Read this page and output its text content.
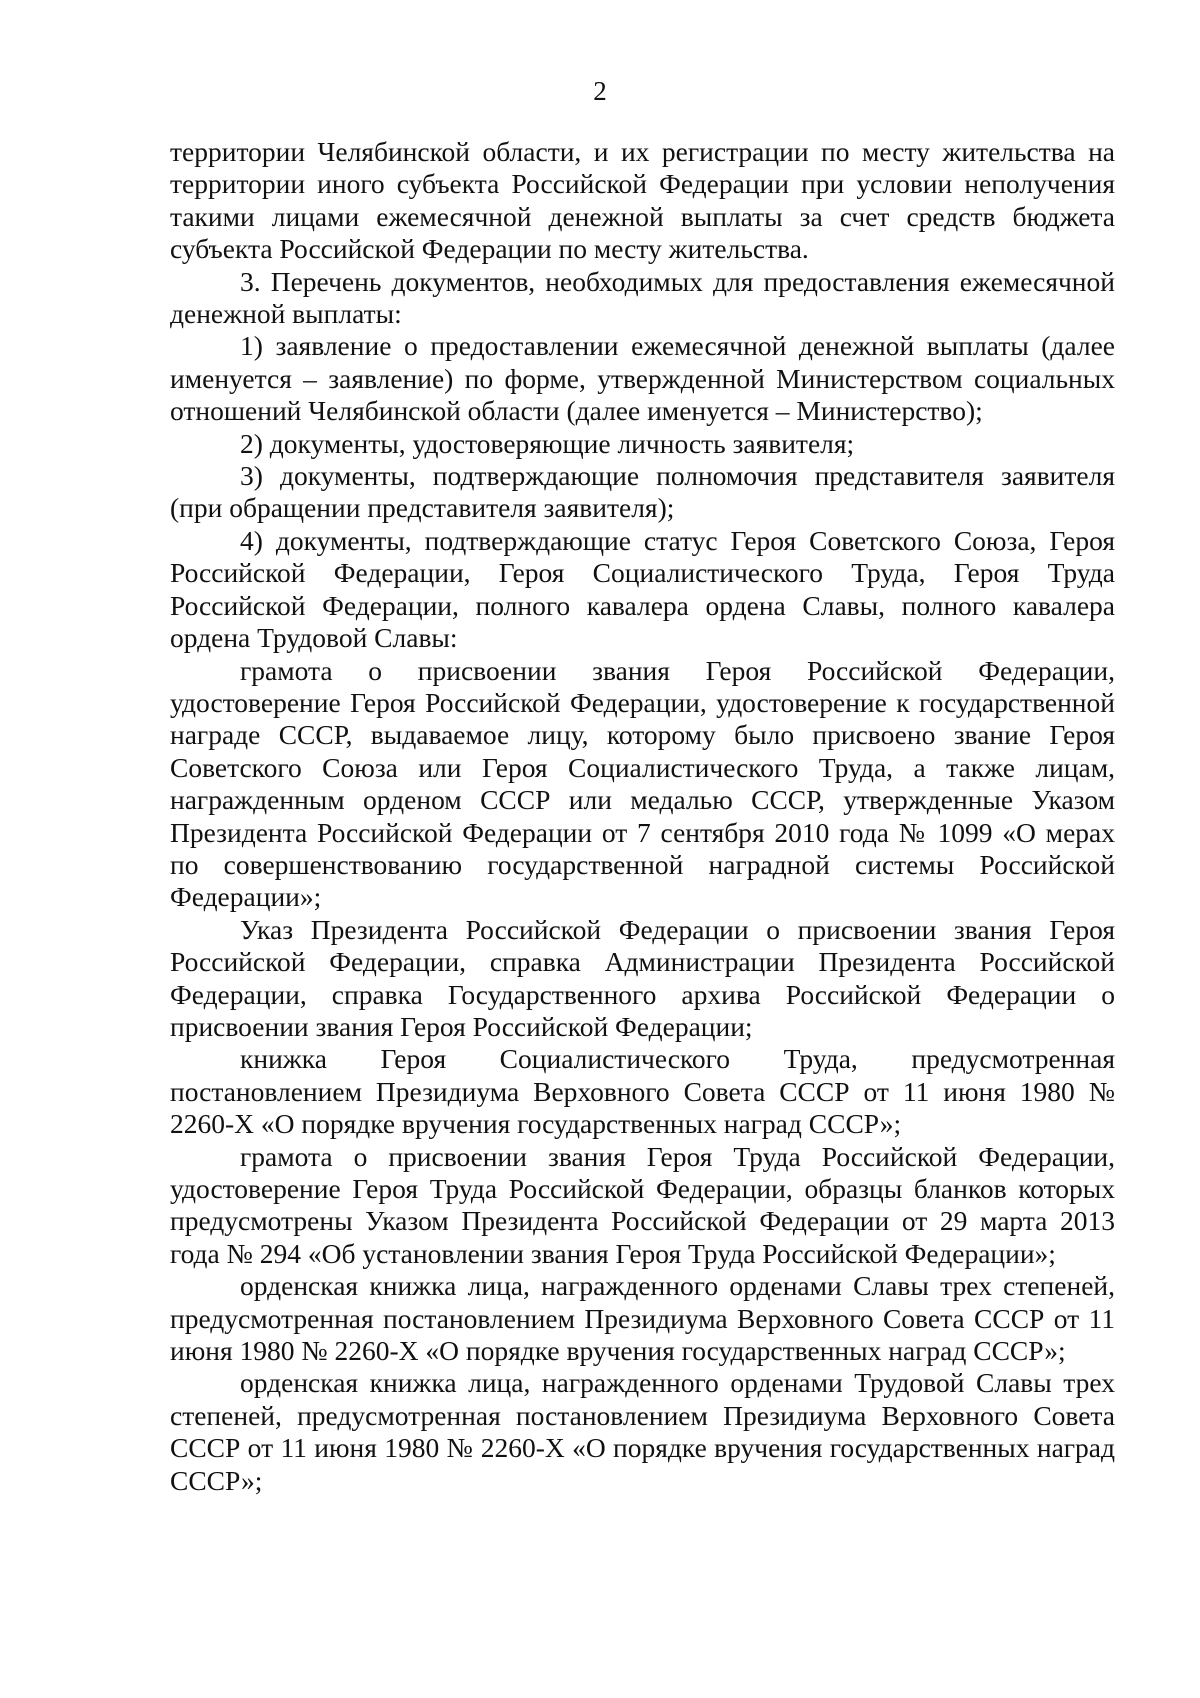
2

территории Челябинской области, и их регистрации по месту жительства на территории иного субъекта Российской Федерации при условии неполучения такими лицами ежемесячной денежной выплаты за счет средств бюджета субъекта Российской Федерации по месту жительства.

3. Перечень документов, необходимых для предоставления ежемесячной денежной выплаты:

1) заявление о предоставлении ежемесячной денежной выплаты (далее именуется – заявление) по форме, утвержденной Министерством социальных отношений Челябинской области (далее именуется – Министерство);

2) документы, удостоверяющие личность заявителя;

3) документы, подтверждающие полномочия представителя заявителя (при обращении представителя заявителя);

4) документы, подтверждающие статус Героя Советского Союза, Героя Российской Федерации, Героя Социалистического Труда, Героя Труда Российской Федерации, полного кавалера ордена Славы, полного кавалера ордена Трудовой Славы:

грамота о присвоении звания Героя Российской Федерации, удостоверение Героя Российской Федерации, удостоверение к государственной награде СССР, выдаваемое лицу, которому было присвоено звание Героя Советского Союза или Героя Социалистического Труда, а также лицам, награжденным орденом СССР или медалью СССР, утвержденные Указом Президента Российской Федерации от 7 сентября 2010 года № 1099 «О мерах по совершенствованию государственной наградной системы Российской Федерации»;

Указ Президента Российской Федерации о присвоении звания Героя Российской Федерации, справка Администрации Президента Российской Федерации, справка Государственного архива Российской Федерации о присвоении звания Героя Российской Федерации;

книжка Героя Социалистического Труда, предусмотренная постановлением Президиума Верховного Совета СССР от 11 июня 1980 № 2260-Х «О порядке вручения государственных наград СССР»;

грамота о присвоении звания Героя Труда Российской Федерации, удостоверение Героя Труда Российской Федерации, образцы бланков которых предусмотрены Указом Президента Российской Федерации от 29 марта 2013 года № 294 «Об установлении звания Героя Труда Российской Федерации»;

орденская книжка лица, награжденного орденами Славы трех степеней, предусмотренная постановлением Президиума Верховного Совета СССР от 11 июня 1980 № 2260-Х «О порядке вручения государственных наград СССР»;

орденская книжка лица, награжденного орденами Трудовой Славы трех степеней, предусмотренная постановлением Президиума Верховного Совета СССР от 11 июня 1980 № 2260-Х «О порядке вручения государственных наград СССР»;
